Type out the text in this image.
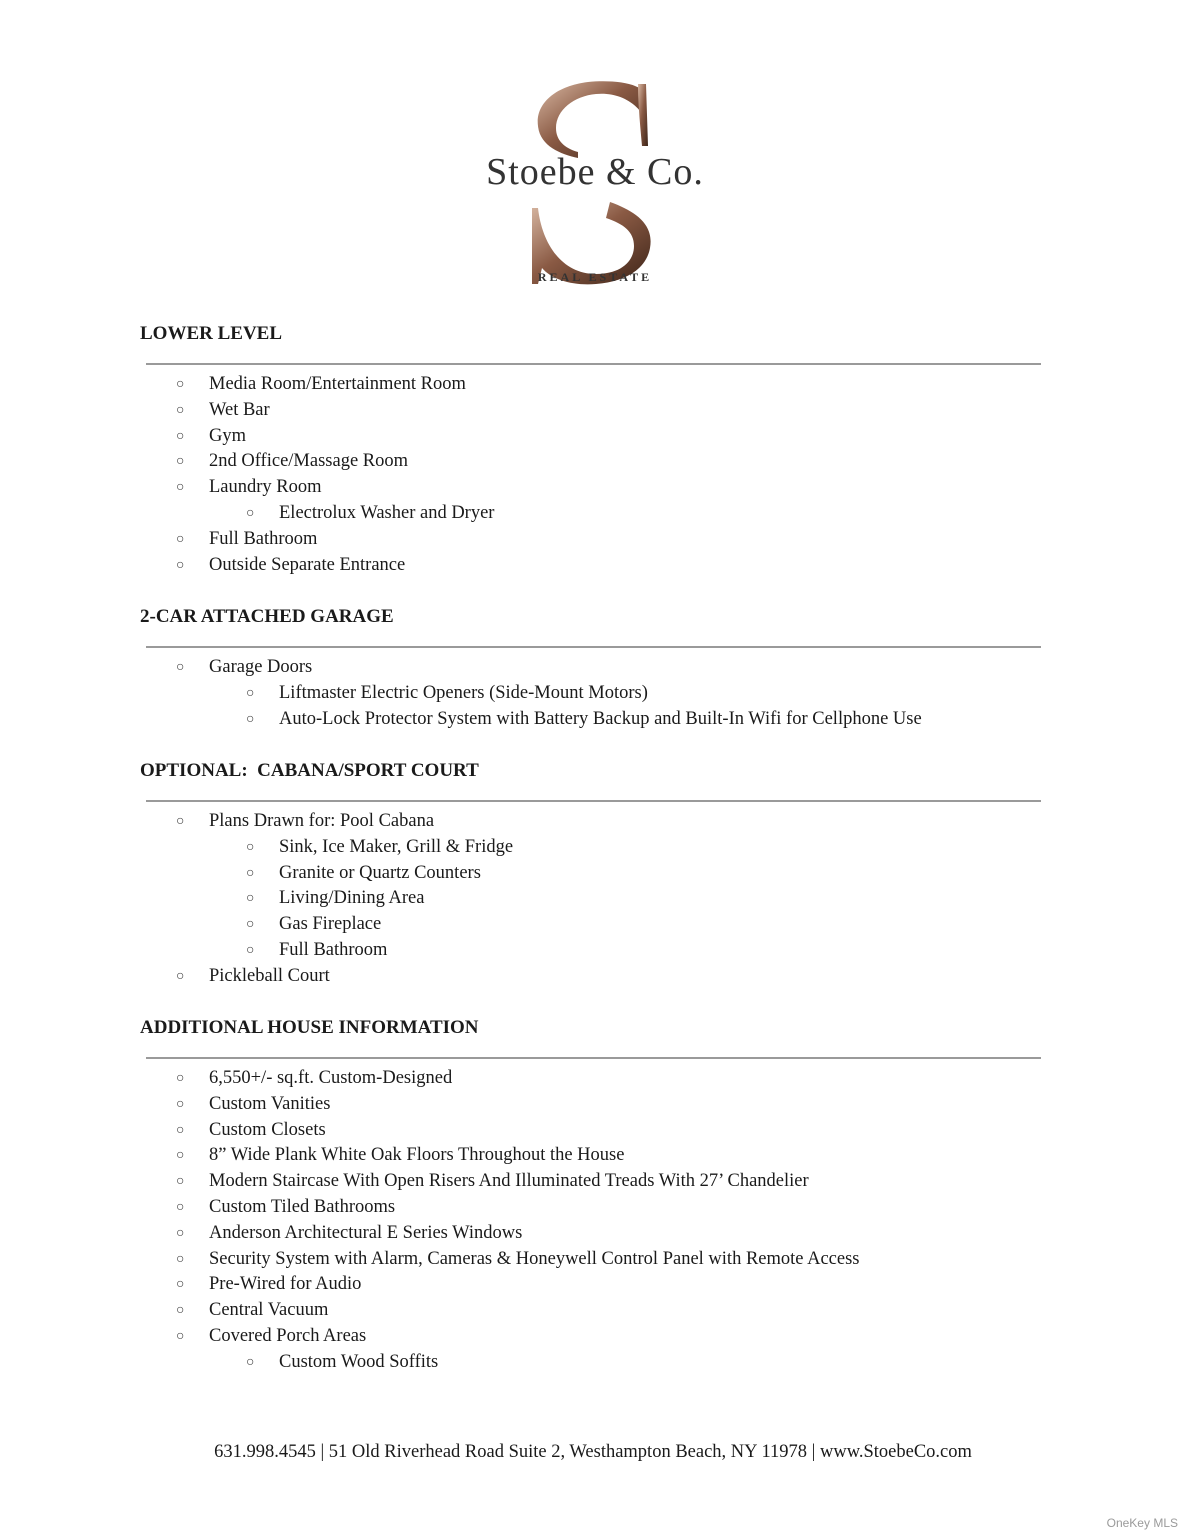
Stoebe & Co.
REAL ESTATE
LOWER LEVEL
○ Media Room/Entertainment Room
○ Wet Bar
○ Gym
○ 2nd Office/Massage Room
○ Laundry Room
○ Electrolux Washer and Dryer
○ Full Bathroom
○ Outside Separate Entrance
2-CAR ATTACHED GARAGE
○ Garage Doors
○ Liftmaster Electric Openers (Side-Mount Motors)
○ Auto-Lock Protector System with Battery Backup and Built-In Wifi for Cellphone Use
OPTIONAL:  CABANA/SPORT COURT
○ Plans Drawn for: Pool Cabana
○ Sink, Ice Maker, Grill & Fridge
○ Granite or Quartz Counters
○ Living/Dining Area
○ Gas Fireplace
○ Full Bathroom
○ Pickleball Court
ADDITIONAL HOUSE INFORMATION
○ 6,550+/- sq.ft. Custom-Designed
○ Custom Vanities
○ Custom Closets
○ 8” Wide Plank White Oak Floors Throughout the House
○ Modern Staircase With Open Risers And Illuminated Treads With 27’ Chandelier
○ Custom Tiled Bathrooms
○ Anderson Architectural E Series Windows
○ Security System with Alarm, Cameras & Honeywell Control Panel with Remote Access
○ Pre-Wired for Audio
○ Central Vacuum
○ Covered Porch Areas
○ Custom Wood Soffits
631.998.4545 | 51 Old Riverhead Road Suite 2, Westhampton Beach, NY 11978 | www.StoebeCo.com
OneKey MLS
